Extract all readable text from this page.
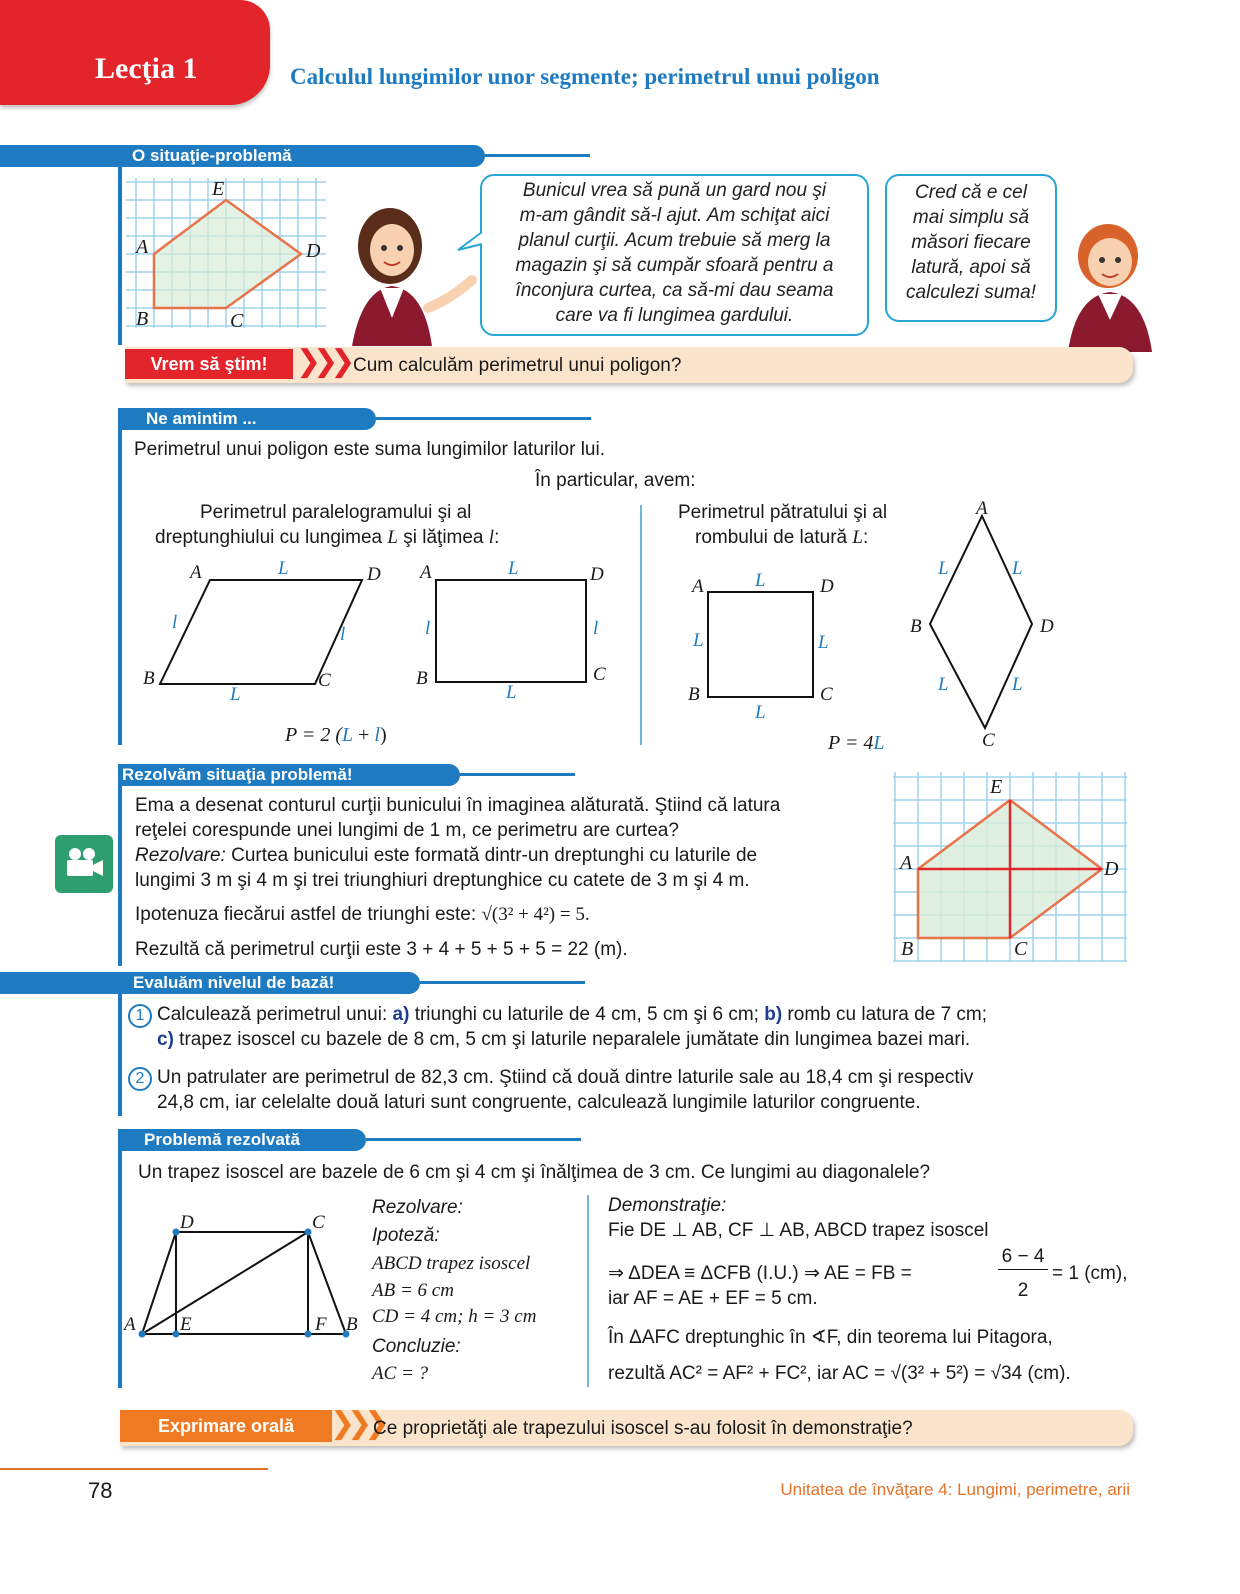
Lecţia 1	Calculul lungimilor unor segmente; perimetrul unui poligon
O situaţie-problemă
E
A	D
B	C
Bunicul vrea să pună un gard nou şi
m-am gândit să-l ajut. Am schiţat aici
planul curţii. Acum trebuie să merg la
magazin şi să cumpăr sfoară pentru a
înconjura curtea, ca să-mi dau seama
care va fi lungimea gardului.
Cred că e cel
mai simplu să
măsori fiecare
latură, apoi să
calculezi suma!
Vrem să ştim! ❯❯❯ Cum calculăm perimetrul unui poligon?
Ne amintim ...
Perimetrul unui poligon este suma lungimilor laturilor lui.
În particular, avem:
Perimetrul paralelogramului şi al
dreptunghiului cu lungimea L şi lăţimea l:
Perimetrul pătratului şi al
rombului de latură L:
A	D
B	C
L
L
l
l
A	D
B	C
L
L
l	l
P = 2 (L + l)
A	D
B	C
L
L
L	L
A
B	D
C
L	L
L	L
P = 4L
Rezolvăm situaţia problemă!
Ema a desenat conturul curţii bunicului în imaginea alăturată. Ştiind că latura
reţelei corespunde unei lungimi de 1 m, ce perimetru are curtea?
Rezolvare: Curtea bunicului este formată dintr-un dreptunghi cu laturile de
lungimi 3 m şi 4 m şi trei triunghiuri dreptunghice cu catete de 3 m şi 4 m.
Ipotenuza fiecărui astfel de triunghi este: √(3² + 4²) = 5.
Rezultă că perimetrul curţii este 3 + 4 + 5 + 5 + 5 = 22 (m).
E
A	D
B	C
Evaluăm nivelul de bază!
1 Calculează perimetrul unui: a) triunghi cu laturile de 4 cm, 5 cm şi 6 cm; b) romb cu latura de 7 cm;
c) trapez isoscel cu bazele de 8 cm, 5 cm şi laturile neparalele jumătate din lungimea bazei mari.
2 Un patrulater are perimetrul de 82,3 cm. Ştiind că două dintre laturile sale au 18,4 cm şi respectiv
24,8 cm, iar celelalte două laturi sunt congruente, calculează lungimile laturilor congruente.
Problemă rezolvată
Un trapez isoscel are bazele de 6 cm şi 4 cm şi înălţimea de 3 cm. Ce lungimi au diagonalele?
D	C
A E	F B
Rezolvare:
Ipoteză:
ABCD trapez isoscel
AB = 6 cm
CD = 4 cm; h = 3 cm
Concluzie:
AC = ?
Demonstraţie:
Fie DE ⊥ AB, CF ⊥ AB, ABCD trapez isoscel
⇒ ΔDEA ≡ ΔCFB (I.U.) ⇒ AE = FB =
6 − 4
2
= 1 (cm),
iar AF = AE + EF = 5 cm.
În ΔAFC dreptunghic în ∢F, din teorema lui Pitagora,
rezultă AC² = AF² + FC², iar AC = √(3² + 5²) = √34 (cm).
Exprimare orală	❯❯❯
Ce proprietăţi ale trapezului isoscel s-au folosit în demonstraţie?
78	Unitatea de învăţare 4: Lungimi, perimetre, arii
